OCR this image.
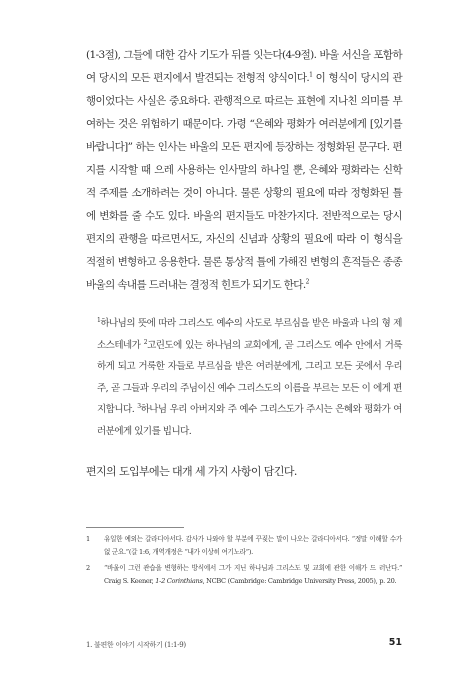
(1-3절), 그들에 대한 감사 기도가 뒤를 잇는다(4-9절). 바울 서신을 포함하 여 당시의 모든 편지에서 발견되는 전형적 양식이다.$^1$ 이 형식이 당시의 관 행이었다는 사실은 중요하다. 관행적으로 따르는 표현에 지나친 의미를 부 여하는 것은 위험하기 때문이다. 가령 “은혜와 평화가 여러분에게 [있기를 바랍니다]” 하는 인사는 바울의 모든 편지에 등장하는 정형화된 문구다. 편 지를 시작할 때 으레 사용하는 인사말의 하나일 뿐, 은혜와 평화라는 신학 적 주제를 소개하려는 것이 아니다. 물론 상황의 필요에 따라 정형화된 틀 에 변화를 줄 수도 있다. 바울의 편지들도 마찬가지다. 전반적으로는 당시 편지의 관행을 따르면서도, 자신의 신념과 상황의 필요에 따라 이 형식을 적절히 변형하고 응용한다. 물론 통상적 틀에 가해진 변형의 흔적들은 종종 바울의 속내를 드러내는 결정적 힌트가 되기도 한다.$^2$

$^1$하나님의 뜻에 따라 그리스도 예수의 사도로 부르심을 받은 바울과 나의 형 제 소스테네가 $^2$고린도에 있는 하나님의 교회에게, 곧 그리스도 예수 안에서 거룩하게 되고 거룩한 자들로 부르심을 받은 여러분에게, 그리고 모든 곳에서 우리 주, 곧 그들과 우리의 주님이신 예수 그리스도의 이름을 부르는 모든 이 에게 편지합니다. $^3$하나님 우리 아버지와 주 예수 그리스도가 주시는 은혜와 평화가 여러분에게 있기를 빕니다.

편지의 도입부에는 대개 세 가지 사항이 담긴다.

1 유일한 예외는 갈라디아서다. 감사가 나와야 할 부분에 꾸짖는 말이 나오는 갈라디아서다. “정말 이해할 수가 없 군요.”(갈 1:6, 개역개정은 “내가 이상히 여기노라”).
2 “바울이 그런 관습을 변형하는 방식에서 그가 지닌 하나님과 그리스도 및 교회에 관한 이해가 드 러난다.” Craig S. Keener, 1-2 Corinthians, NCBC (Cambridge: Cambridge University Press, 2005), p. 20.
1. 불편한 이야기 시작하기 (1:1-9)	51
